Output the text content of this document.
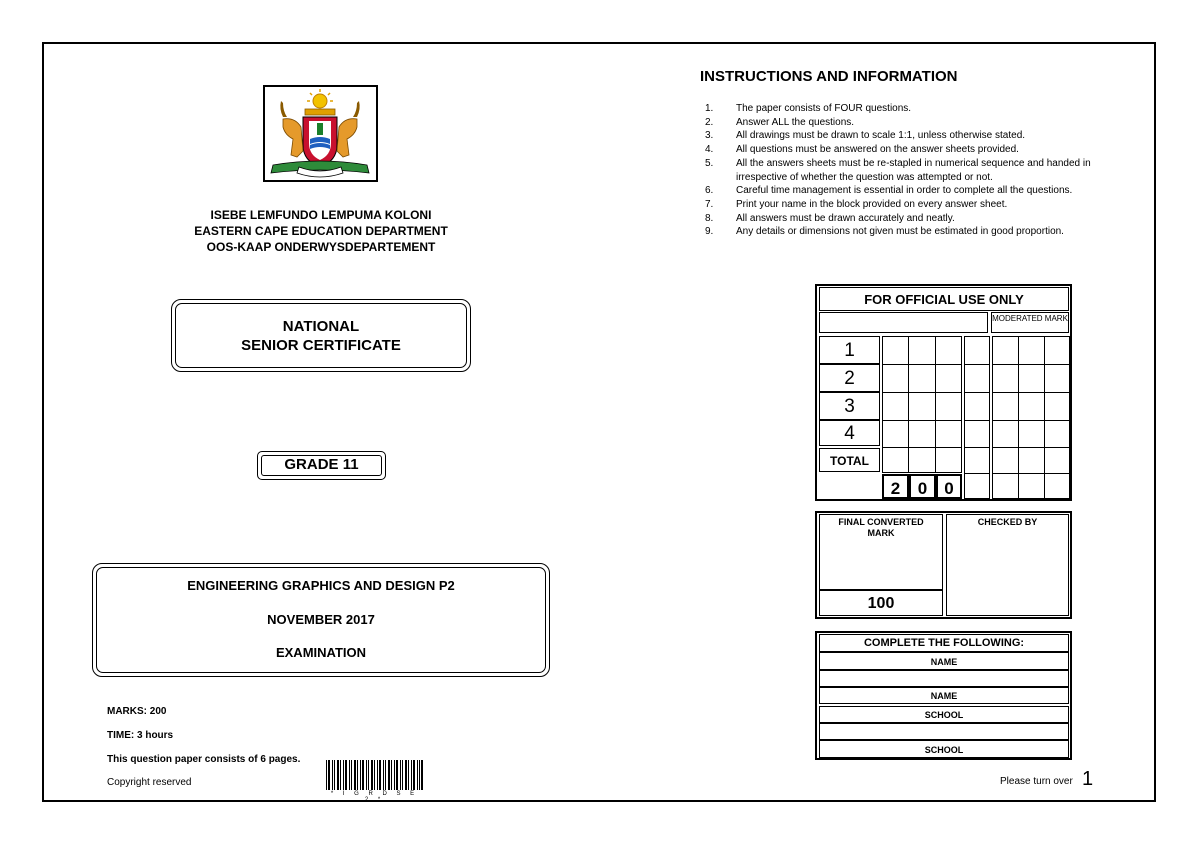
ISEBE LEMFUNDO LEMPUMA KOLONI
EASTERN CAPE EDUCATION DEPARTMENT
OOS-KAAP ONDERWYSDEPARTEMENT
NATIONAL
SENIOR CERTIFICATE
GRADE 11
ENGINEERING GRAPHICS AND DESIGN P2
NOVEMBER 2017
EXAMINATION
MARKS: 200
TIME: 3 hours
This question paper consists of 6 pages.
Copyright reserved
* I G R D S E 2 *
INSTRUCTIONS AND INFORMATION
1.	The paper consists of FOUR questions.
2.	Answer ALL the questions.
3.	All drawings must be drawn to scale 1:1, unless otherwise stated.
4.	All questions must be answered on the answer sheets provided.
5.	All the answers sheets must be re-stapled in numerical sequence and handed in irrespective of whether the question was attempted or not.
6.	Careful time management is essential in order to complete all the questions.
7.	Print your name in the block provided on every answer sheet.
8.	All answers must be drawn accurately and neatly.
9.	Any details or dimensions not given must be estimated in good proportion.
FOR OFFICIAL USE ONLY
MODERATED MARK
1
2
3
4
TOTAL
2	0	0
FINAL CONVERTED MARK
100
CHECKED BY
COMPLETE THE FOLLOWING:
NAME
NAME
SCHOOL
SCHOOL
Please turn over 1
